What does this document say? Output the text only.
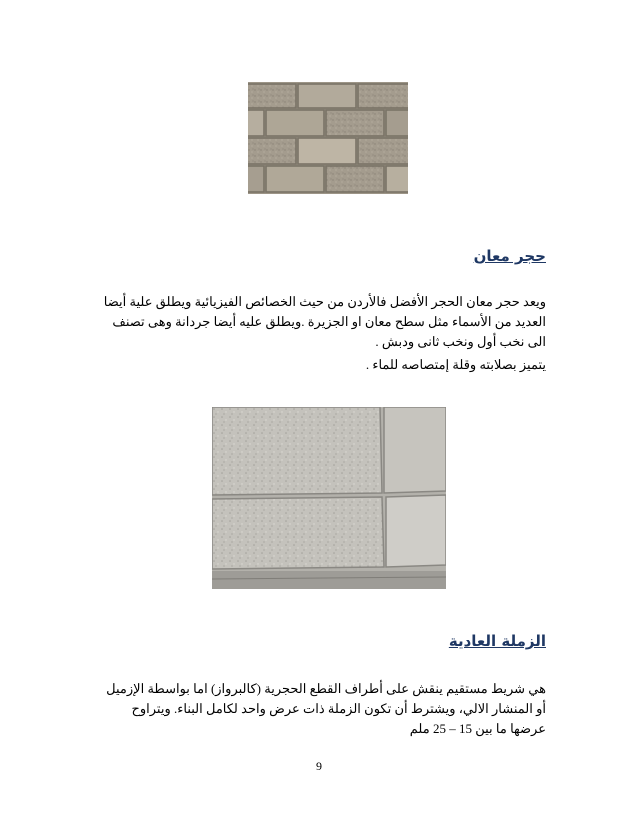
حجر معان

ويعد حجر معان الحجر الأفضل فالأردن من حيث الخصائص الفيزيائية ويطلق علية أيضا العديد من الأسماء مثل سطح معان او الجزيرة .ويطلق عليه أيضا جردانة وهى تصنف الى نخب أول ونخب ثانى ودبش .

يتميز بصلابته وقلة إمتصاصه للماء .

الزملة العادية

هي شريط مستقيم ينقش على أطراف القطع الحجرية (كالبرواز) اما بواسطة الإزميل أو المنشار الالي، ويشترط أن تكون الزملة ذات عرض واحد لكامل البناء. ويتراوح عرضها ما بين 15 – 25 ملم

9
